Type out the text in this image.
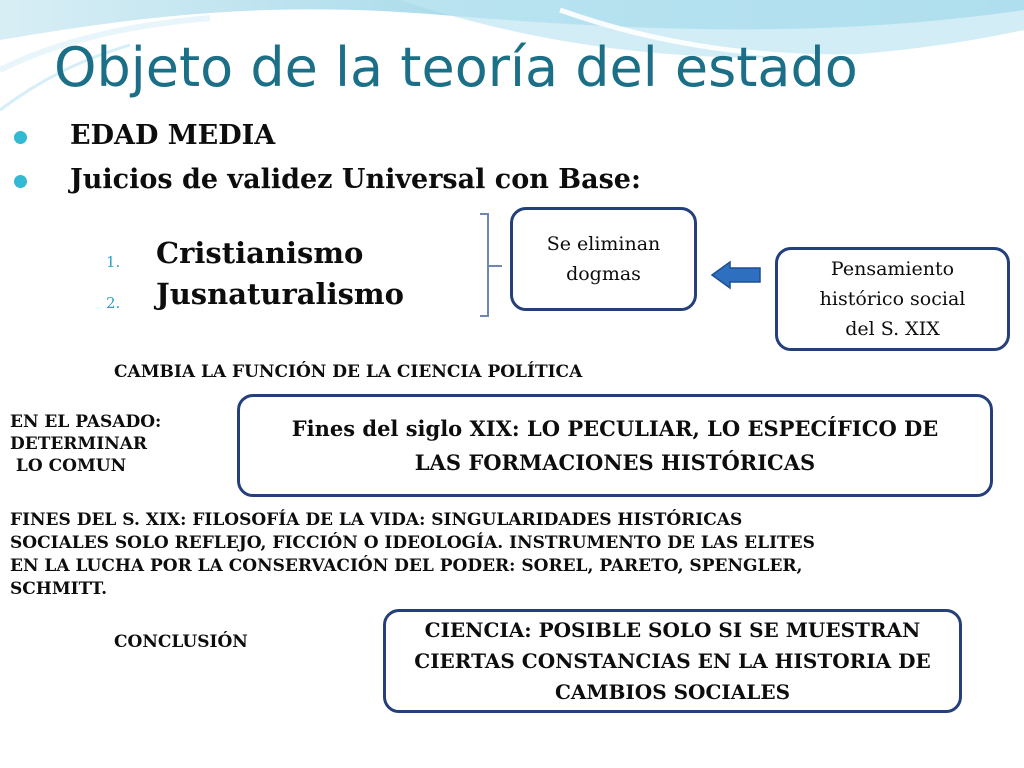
Objeto de la teoría del estado
EDAD MEDIA
Juicios de validez Universal con Base:
1. Cristianismo
2. Jusnaturalismo
Se eliminan
dogmas	Pensamiento
histórico social
del S. XIX
CAMBIA LA FUNCIÓN DE LA CIENCIA POLÍTICA
EN EL PASADO:
DETERMINAR
LO COMUN
Fines del siglo XIX: LO PECULIAR, LO ESPECÍFICO DE
LAS FORMACIONES HISTÓRICAS
FINES DEL S. XIX: FILOSOFÍA DE LA VIDA: SINGULARIDADES HISTÓRICAS
SOCIALES SOLO REFLEJO, FICCIÓN O IDEOLOGÍA. INSTRUMENTO DE LAS ELITES
EN LA LUCHA POR LA CONSERVACIÓN DEL PODER: SOREL, PARETO, SPENGLER,
SCHMITT.
CONCLUSIÓN
CIENCIA: POSIBLE SOLO SI SE MUESTRAN
CIERTAS CONSTANCIAS EN LA HISTORIA DE
CAMBIOS SOCIALES
